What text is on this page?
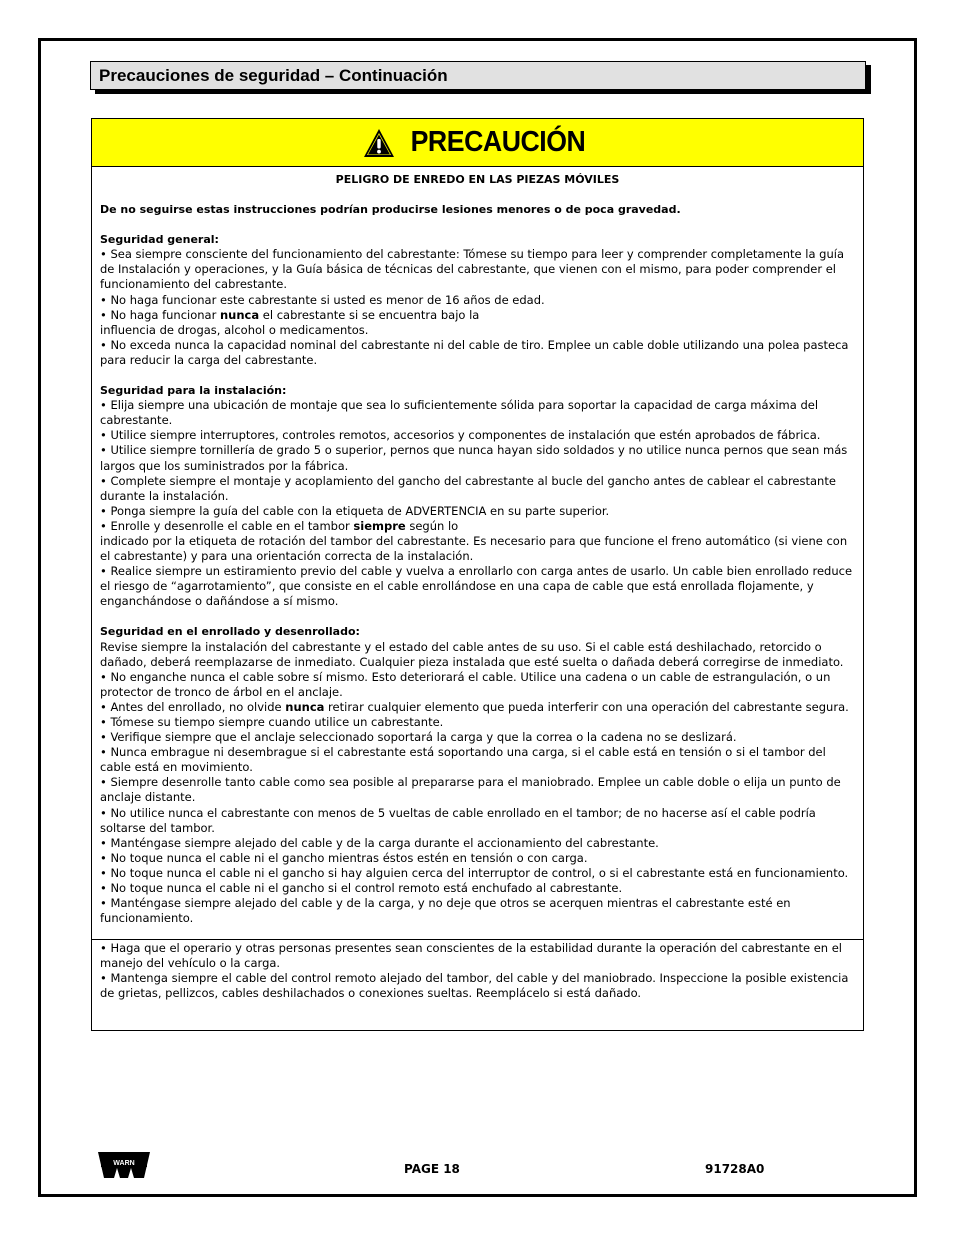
Precauciones de seguridad – Continuación
PRECAUCIÓN
PELIGRO DE ENREDO EN LAS PIEZAS MÓVILES
De no seguirse estas instrucciones podrían producirse lesiones menores o de poca gravedad.
Seguridad general:
• Sea siempre consciente del funcionamiento del cabrestante: Tómese su tiempo para leer y comprender completamente la guía de Instalación y operaciones, y la Guía básica de técnicas del cabrestante, que vienen con el mismo, para poder comprender el funcionamiento del cabrestante.
• No haga funcionar este cabrestante si usted es menor de 16 años de edad.
• No haga funcionar nunca el cabrestante si se encuentra bajo la
influencia de drogas, alcohol o medicamentos.
• No exceda nunca la capacidad nominal del cabrestante ni del cable de tiro. Emplee un cable doble utilizando una polea pasteca para reducir la carga del cabrestante.
Seguridad para la instalación:
• Elija siempre una ubicación de montaje que sea lo suficientemente sólida para soportar la capacidad de carga máxima del cabrestante.
• Utilice siempre interruptores, controles remotos, accesorios y componentes de instalación que estén aprobados de fábrica.
• Utilice siempre tornillería de grado 5 o superior, pernos que nunca hayan sido soldados y no utilice nunca pernos que sean más largos que los suministrados por la fábrica.
• Complete siempre el montaje y acoplamiento del gancho del cabrestante al bucle del gancho antes de cablear el cabrestante durante la instalación.
• Ponga siempre la guía del cable con la etiqueta de ADVERTENCIA en su parte superior.
• Enrolle y desenrolle el cable en el tambor siempre según lo
indicado por la etiqueta de rotación del tambor del cabrestante. Es necesario para que funcione el freno automático (si viene con el cabrestante) y para una orientación correcta de la instalación.
• Realice siempre un estiramiento previo del cable y vuelva a enrollarlo con carga antes de usarlo. Un cable bien enrollado reduce el riesgo de “agarrotamiento”, que consiste en el cable enrollándose en una capa de cable que está enrollada flojamente, y enganchándose o dañándose a sí mismo.
Seguridad en el enrollado y desenrollado:
Revise siempre la instalación del cabrestante y el estado del cable antes de su uso. Si el cable está deshilachado, retorcido o dañado, deberá reemplazarse de inmediato. Cualquier pieza instalada que esté suelta o dañada deberá corregirse de inmediato.
• No enganche nunca el cable sobre sí mismo. Esto deteriorará el cable. Utilice una cadena o un cable de estrangulación, o un protector de tronco de árbol en el anclaje.
• Antes del enrollado, no olvide nunca retirar cualquier elemento que pueda interferir con una operación del cabrestante segura.
• Tómese su tiempo siempre cuando utilice un cabrestante.
• Verifique siempre que el anclaje seleccionado soportará la carga y que la correa o la cadena no se deslizará.
• Nunca embrague ni desembrague si el cabrestante está soportando una carga, si el cable está en tensión o si el tambor del cable está en movimiento.
• Siempre desenrolle tanto cable como sea posible al prepararse para el maniobrado. Emplee un cable doble o elija un punto de anclaje distante.
• No utilice nunca el cabrestante con menos de 5 vueltas de cable enrollado en el tambor; de no hacerse así el cable podría soltarse del tambor.
• Manténgase siempre alejado del cable y de la carga durante el accionamiento del cabrestante.
• No toque nunca el cable ni el gancho mientras éstos estén en tensión o con carga.
• No toque nunca el cable ni el gancho si hay alguien cerca del interruptor de control, o si el cabrestante está en funcionamiento.
• No toque nunca el cable ni el gancho si el control remoto está enchufado al cabrestante.
• Manténgase siempre alejado del cable y de la carga, y no deje que otros se acerquen mientras el cabrestante esté en funcionamiento.
• Haga que el operario y otras personas presentes sean conscientes de la estabilidad durante la operación del cabrestante en el manejo del vehículo o la carga.
• Mantenga siempre el cable del control remoto alejado del tambor, del cable y del maniobrado. Inspeccione la posible existencia de grietas, pellizcos, cables deshilachados o conexiones sueltas. Reemplácelo si está dañado.
WARN	PAGE 18	91728A0
